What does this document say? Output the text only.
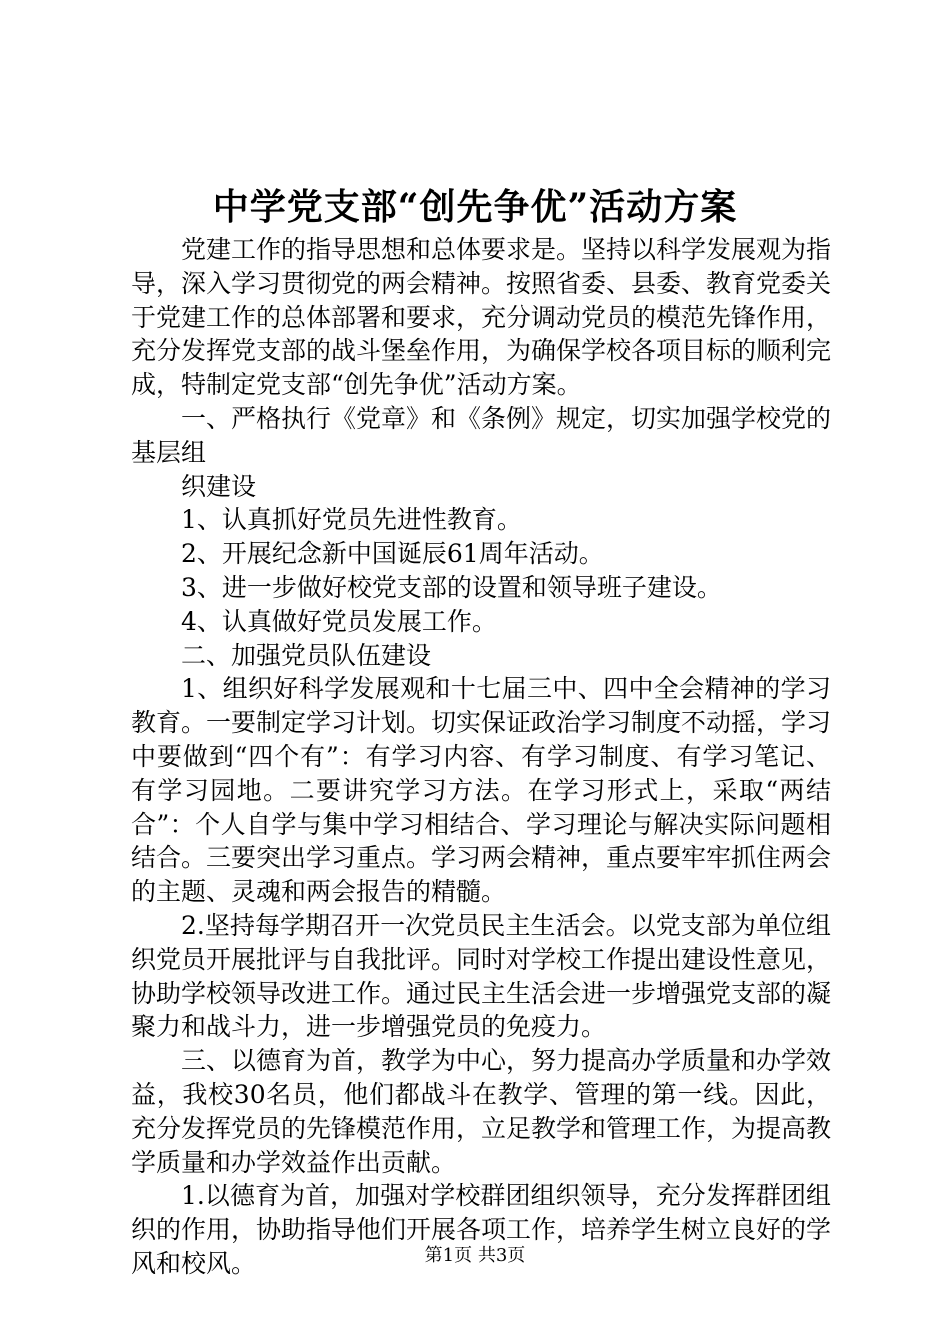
中学党支部“创先争优”活动方案

党建工作的指导思想和总体要求是。坚持以科学发展观为指导，深入学习贯彻党的两会精神。按照省委、县委、教育党委关于党建工作的总体部署和要求，充分调动党员的模范先锋作用，充分发挥党支部的战斗堡垒作用，为确保学校各项目标的顺利完成，特制定党支部“创先争优”活动方案。

一、严格执行《党章》和《条例》规定，切实加强学校党的基层组

织建设

1、认真抓好党员先进性教育。

2、开展纪念新中国诞辰61周年活动。

3、进一步做好校党支部的设置和领导班子建设。

4、认真做好党员发展工作。

二、加强党员队伍建设

1、组织好科学发展观和十七届三中、四中全会精神的学习教育。一要制定学习计划。切实保证政治学习制度不动摇，学习中要做到“四个有”：有学习内容、有学习制度、有学习笔记、有学习园地。二要讲究学习方法。在学习形式上，采取“两结合”：个人自学与集中学习相结合、学习理论与解决实际问题相结合。三要突出学习重点。学习两会精神，重点要牢牢抓住两会的主题、灵魂和两会报告的精髓。

2.坚持每学期召开一次党员民主生活会。以党支部为单位组织党员开展批评与自我批评。同时对学校工作提出建设性意见，协助学校领导改进工作。通过民主生活会进一步增强党支部的凝聚力和战斗力，进一步增强党员的免疫力。

三、以德育为首，教学为中心，努力提高办学质量和办学效益，我校30名员，他们都战斗在教学、管理的第一线。因此，充分发挥党员的先锋模范作用，立足教学和管理工作，为提高教学质量和办学效益作出贡献。

1.以德育为首，加强对学校群团组织领导，充分发挥群团组织的作用，协助指导他们开展各项工作，培养学生树立良好的学风和校风。	第1页 共3页
